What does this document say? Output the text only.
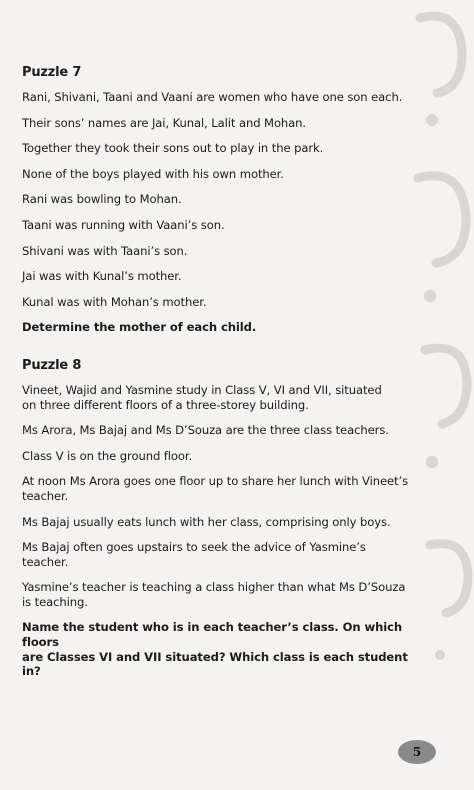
Puzzle 7

Rani, Shivani, Taani and Vaani are women who have one son each.

Their sons’ names are Jai, Kunal, Lalit and Mohan.

Together they took their sons out to play in the park.

None of the boys played with his own mother.

Rani was bowling to Mohan.

Taani was running with Vaani’s son.

Shivani was with Taani’s son.

Jai was with Kunal’s mother.

Kunal was with Mohan’s mother.

Determine the mother of each child.

Puzzle 8

Vineet, Wajid and Yasmine study in Class V, VI and VII, situated

on three different floors of a three-storey building.

Ms Arora, Ms Bajaj and Ms D’Souza are the three class teachers.

Class V is on the ground floor.

At noon Ms Arora goes one floor up to share her lunch with Vineet’s

teacher.

Ms Bajaj usually eats lunch with her class, comprising only boys.

Ms Bajaj often goes upstairs to seek the advice of Yasmine’s

teacher.

Yasmine’s teacher is teaching a class higher than what Ms D’Souza

is teaching.

Name the student who is in each teacher’s class. On which floors

are Classes VI and VII situated? Which class is each student in?

5
